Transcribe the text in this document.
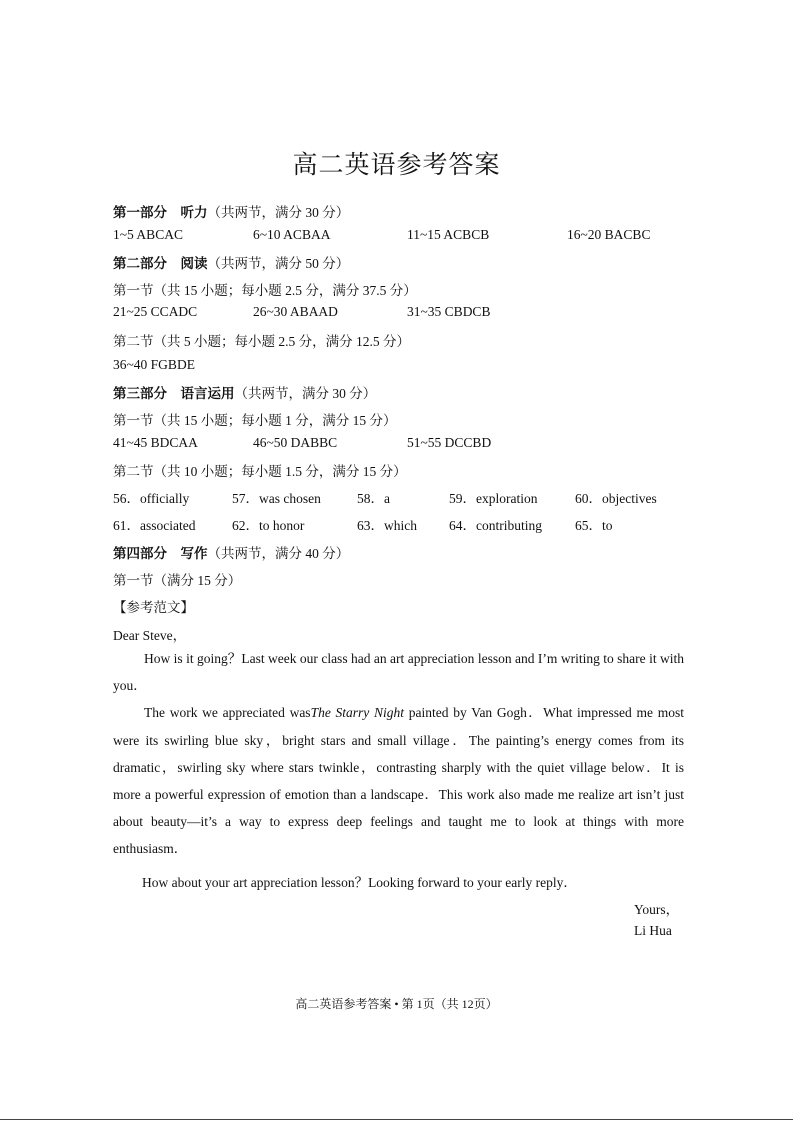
高二英语参考答案
第一部分　听力（共两节，满分 30 分）
1~5 ABCAC	6~10 ACBAA	11~15 ACBCB	16~20 BACBC
第二部分　阅读（共两节，满分 50 分）
第一节（共 15 小题；每小题 2.5 分，满分 37.5 分）
21~25 CCADC	26~30 ABAAD	31~35 CBDCB
第二节（共 5 小题；每小题 2.5 分，满分 12.5 分）
36~40 FGBDE
第三部分　语言运用（共两节，满分 30 分）
第一节（共 15 小题；每小题 1 分，满分 15 分）
41~45 BDCAA	46~50 DABBC	51~55 DCCBD
第二节（共 10 小题；每小题 1.5 分，满分 15 分）
56．officially	57．was chosen	58．a	59．exploration	60．objectives
61．associated	62．to honor	63．which 64．contributing 65．to
第四部分　写作（共两节，满分 40 分）
第一节（满分 15 分）
【参考范文】
Dear Steve，

How is it going？Last week our class had an art appreciation lesson and I’m writing to share it with you．

The work we appreciated wasThe Starry Night painted by Van Gogh．What impressed me most were its swirling blue sky，bright stars and small village．The painting’s energy comes from its dramatic，swirling sky where stars twinkle，contrasting sharply with the quiet village below．It is more a powerful expression of emotion than a landscape．This work also made me realize art isn’t just about beauty—it’s a way to express deep feelings and taught me to look at things with more enthusiasm．

How about your art appreciation lesson？Looking forward to your early reply．
Yours，
Li Hua
高二英语参考答案 • 第 1页（共 12页）
